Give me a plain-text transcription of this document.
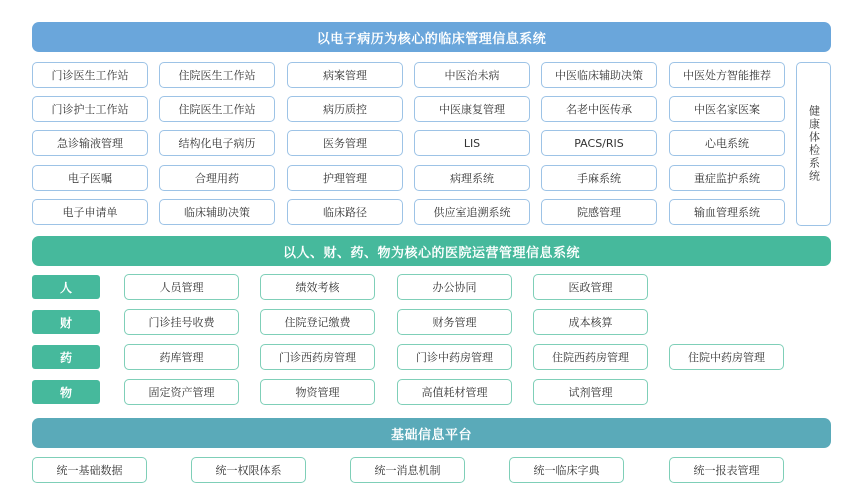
以电子病历为核心的临床管理信息系统
门诊医生工作站	住院医生工作站	病案管理	中医治未病	中医临床辅助决策	中医处方智能推荐
门诊护士工作站	住院医生工作站	病历质控	中医康复管理	名老中医传承	中医名家医案
急诊输液管理	结构化电子病历	医务管理	LIS	PACS/RIS	心电系统
电子医嘱	合理用药	护理管理	病理系统	手麻系统	重症监护系统
电子申请单	临床辅助决策	临床路径	供应室追溯系统	院感管理	输血管理系统
健康体检系统
以人、财、药、物为核心的医院运营管理信息系统
人	人员管理	绩效考核	办公协同	医政管理
财	门诊挂号收费	住院登记缴费	财务管理	成本核算
药	药库管理	门诊西药房管理	门诊中药房管理	住院西药房管理	住院中药房管理
物	固定资产管理	物资管理	高值耗材管理	试剂管理
基础信息平台
统一基础数据	统一权限体系	统一消息机制	统一临床字典	统一报表管理
